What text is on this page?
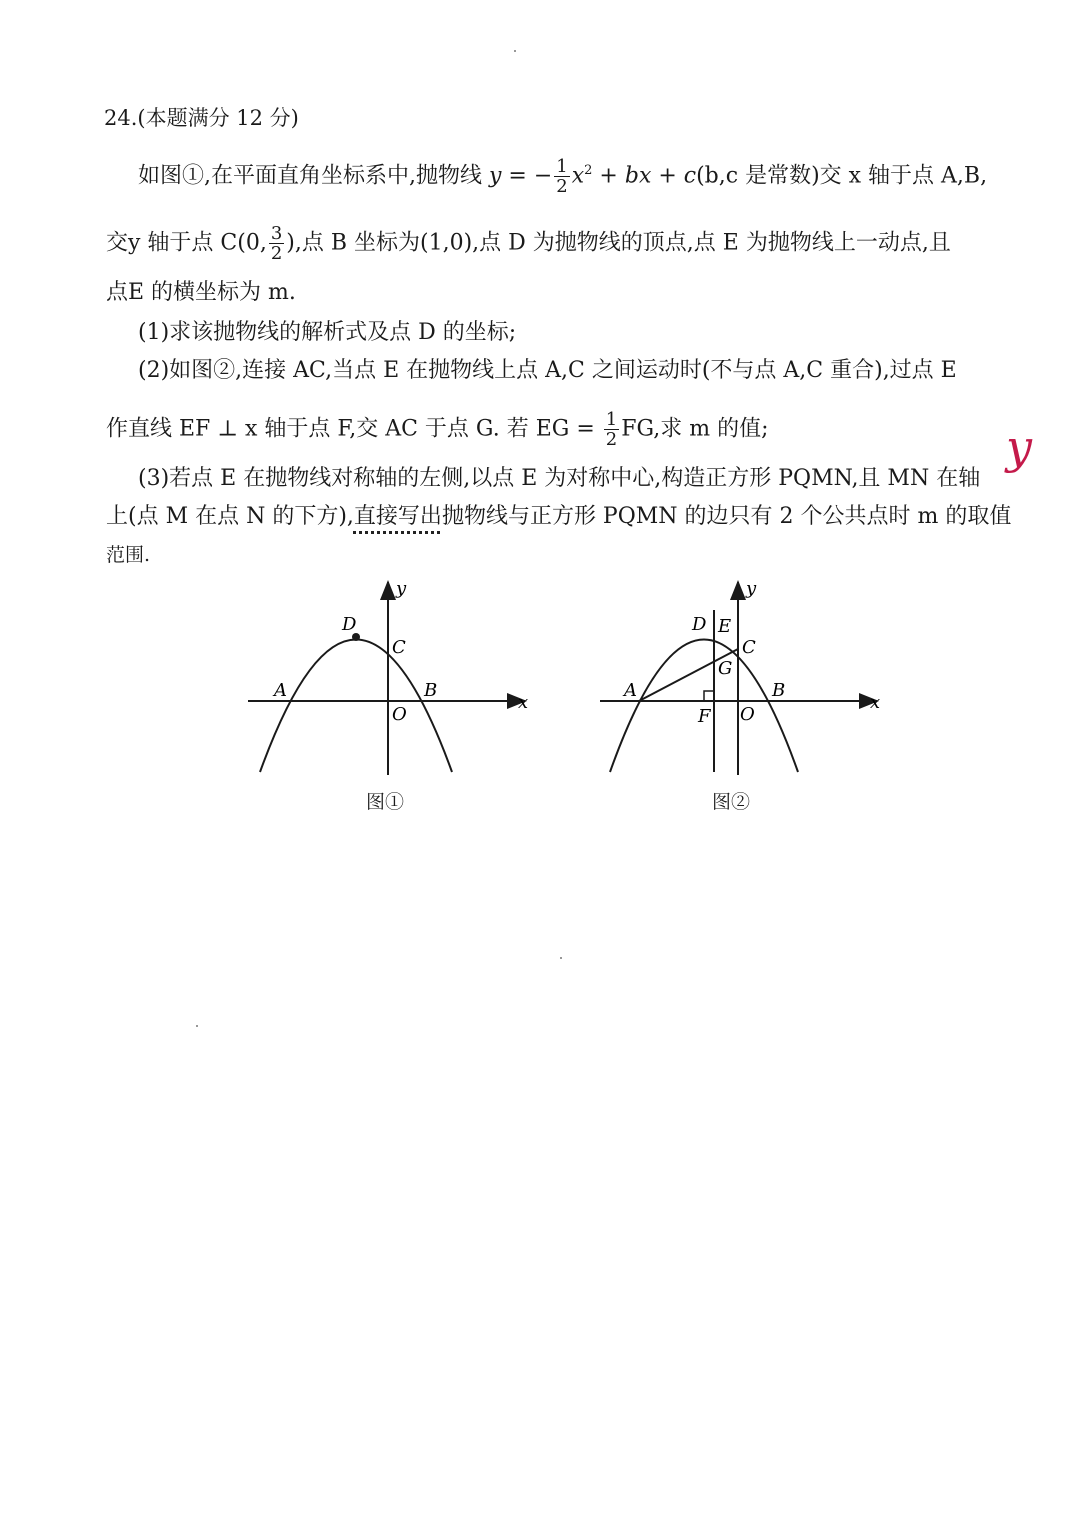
24.(本题满分 12 分)
如图①,在平面直角坐标系中,抛物线 y = − $\frac{1}{2} x^2$ + bx + c(b,c 是常数)交 x 轴于点 A,B,
交y 轴于点 C(0, $\frac{3}{2}$ ),点 B 坐标为(1,0),点 D 为抛物线的顶点,点 E 为抛物线上一动点,且
点E 的横坐标为 m.
(1)求该抛物线的解析式及点 D 的坐标;
(2)如图②,连接 AC,当点 E 在抛物线上点 A,C 之间运动时(不与点 A,C 重合),过点 E
作直线 EF ⊥ x 轴于点 F,交 AC 于点 G. 若 EG = $\frac{1}{2}$ FG,求 m 的值;
(3)若点 E 在抛物线对称轴的左侧,以点 E 为对称中心,构造正方形 PQMN,且 MN 在轴
上(点 M 在点 N 的下方),直接写出抛物线与正方形 PQMN 的边只有 2 个公共点时 m 的取值
范围.
y
x
y
A	B
C
D
O
图①
x
y
A	B
C
D E
G
F O
图②
